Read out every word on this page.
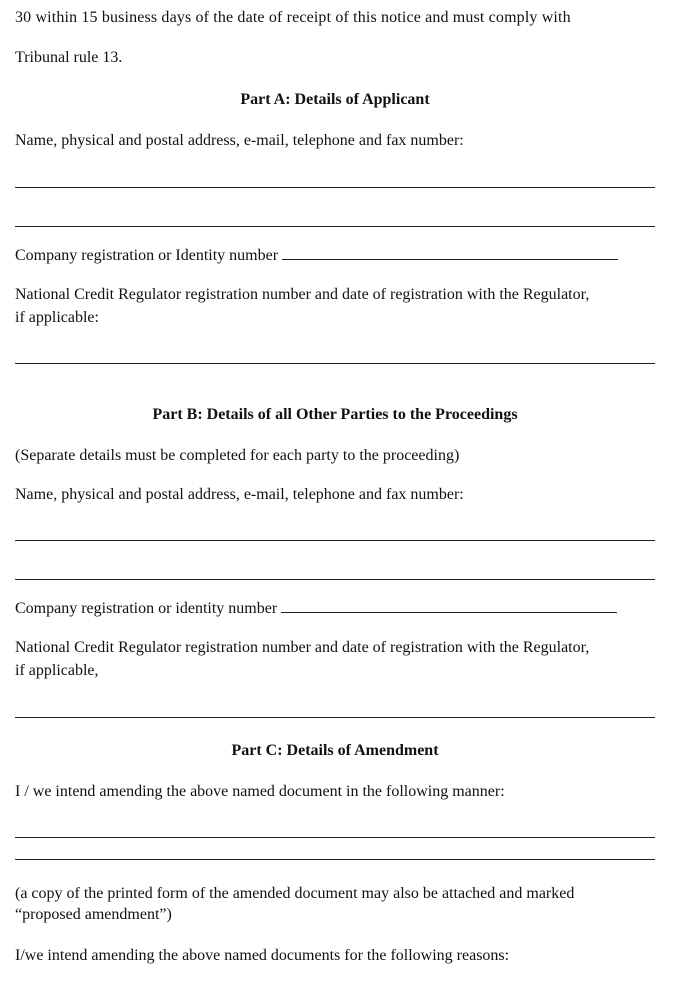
30 within 15 business days of the date of receipt of this notice and must comply with
Tribunal rule 13.
Part A: Details of Applicant
Name, physical and postal address, e-mail, telephone and fax number:
Company registration or Identity number
National Credit Regulator registration number and date of registration with the Regulator,
if applicable:
Part B: Details of all Other Parties to the Proceedings
(Separate details must be completed for each party to the proceeding)
Name, physical and postal address, e-mail, telephone and fax number:
Company registration or identity number
National Credit Regulator registration number and date of registration with the Regulator,
if applicable,
Part C: Details of Amendment
I / we intend amending the above named document in the following manner:
(a copy of the printed form of the amended document may also be attached and marked
“proposed amendment”)
I/we intend amending the above named documents for the following reasons:
